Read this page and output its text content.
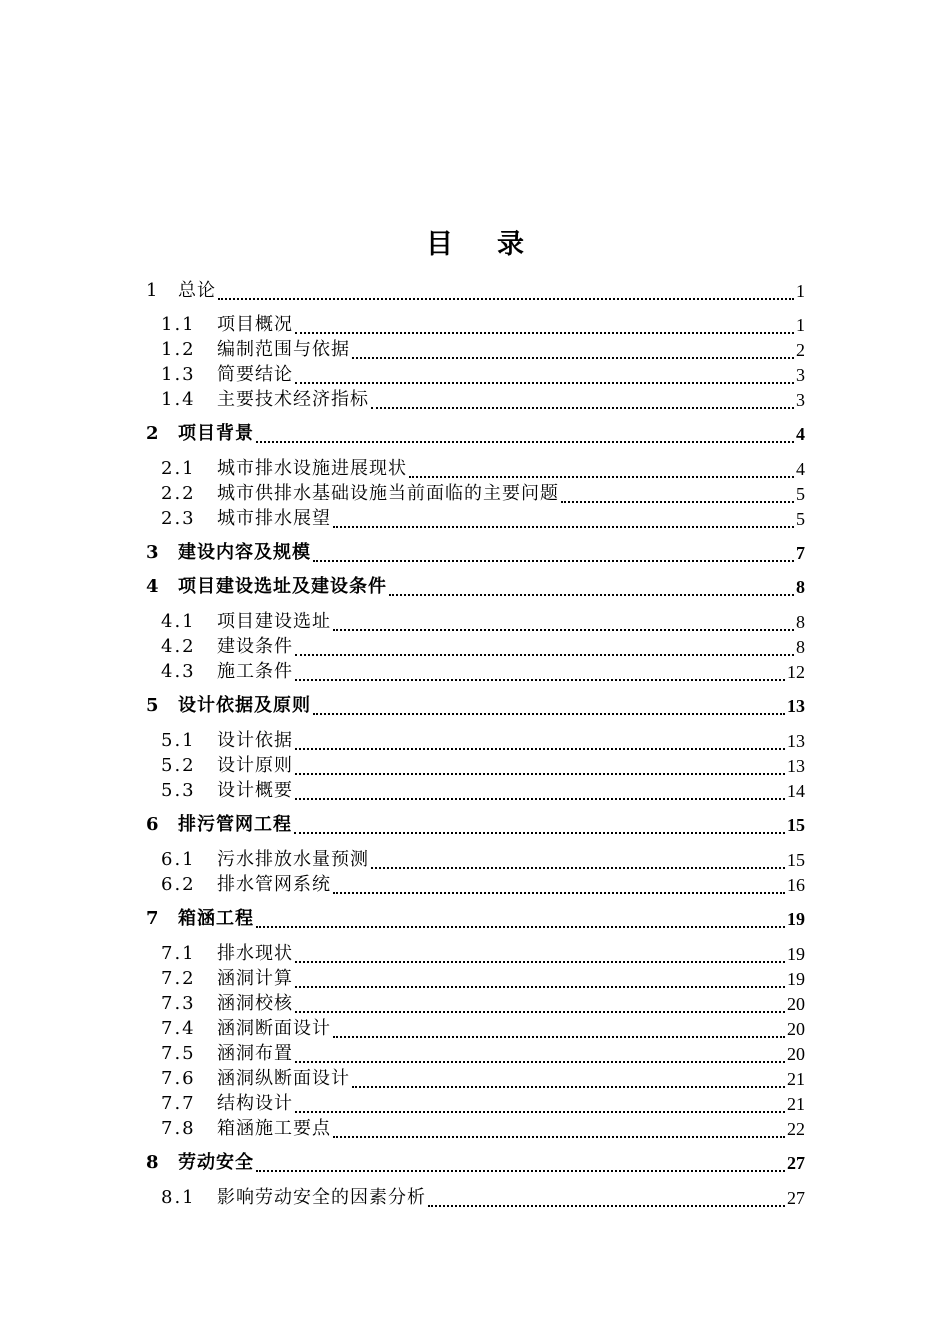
目 录
1 总论	1
1.1 项目概况	1
1.2 编制范围与依据	2
1.3 简要结论	3
1.4 主要技术经济指标	3
2 项目背景	4
2.1 城市排水设施进展现状	4
2.2 城市供排水基础设施当前面临的主要问题	5
2.3 城市排水展望	5
3 建设内容及规模	7
4 项目建设选址及建设条件	8
4.1 项目建设选址	8
4.2 建设条件	8
4.3 施工条件	12
5 设计依据及原则	13
5.1 设计依据	13
5.2 设计原则	13
5.3 设计概要	14
6 排污管网工程	15
6.1 污水排放水量预测	15
6.2 排水管网系统	16
7 箱涵工程	19
7.1 排水现状	19
7.2 涵洞计算	19
7.3 涵洞校核	20
7.4 涵洞断面设计	20
7.5 涵洞布置	20
7.6 涵洞纵断面设计	21
7.7 结构设计	21
7.8 箱涵施工要点	22
8 劳动安全	27
8.1 影响劳动安全的因素分析	27
